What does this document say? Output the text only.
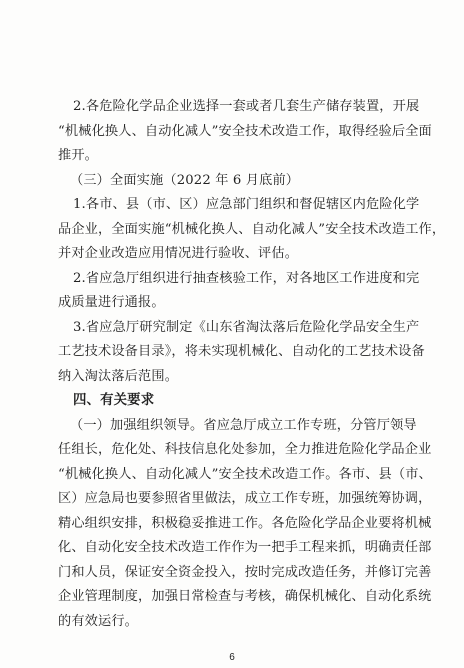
2.各危险化学品企业选择一套或者几套生产储存装置，开展
“机械化换人、自动化减人”安全技术改造工作，取得经验后全面
推开。
（三）全面实施（2022 年 6 月底前）
1.各市、县（市、区）应急部门组织和督促辖区内危险化学
品企业，全面实施“机械化换人、自动化减人”安全技术改造工作，
并对企业改造应用情况进行验收、评估。
2.省应急厅组织进行抽查核验工作，对各地区工作进度和完
成质量进行通报。
3.省应急厅研究制定《山东省淘汰落后危险化学品安全生产
工艺技术设备目录》，将未实现机械化、自动化的工艺技术设备
纳入淘汰落后范围。
四、有关要求
（一）加强组织领导。省应急厅成立工作专班，分管厅领导
任组长，危化处、科技信息化处参加，全力推进危险化学品企业
“机械化换人、自动化减人”安全技术改造工作。各市、县（市、
区）应急局也要参照省里做法，成立工作专班，加强统筹协调，
精心组织安排，积极稳妥推进工作。各危险化学品企业要将机械
化、自动化安全技术改造工作作为一把手工程来抓，明确责任部
门和人员，保证安全资金投入，按时完成改造任务，并修订完善
企业管理制度，加强日常检查与考核，确保机械化、自动化系统
的有效运行。
6
